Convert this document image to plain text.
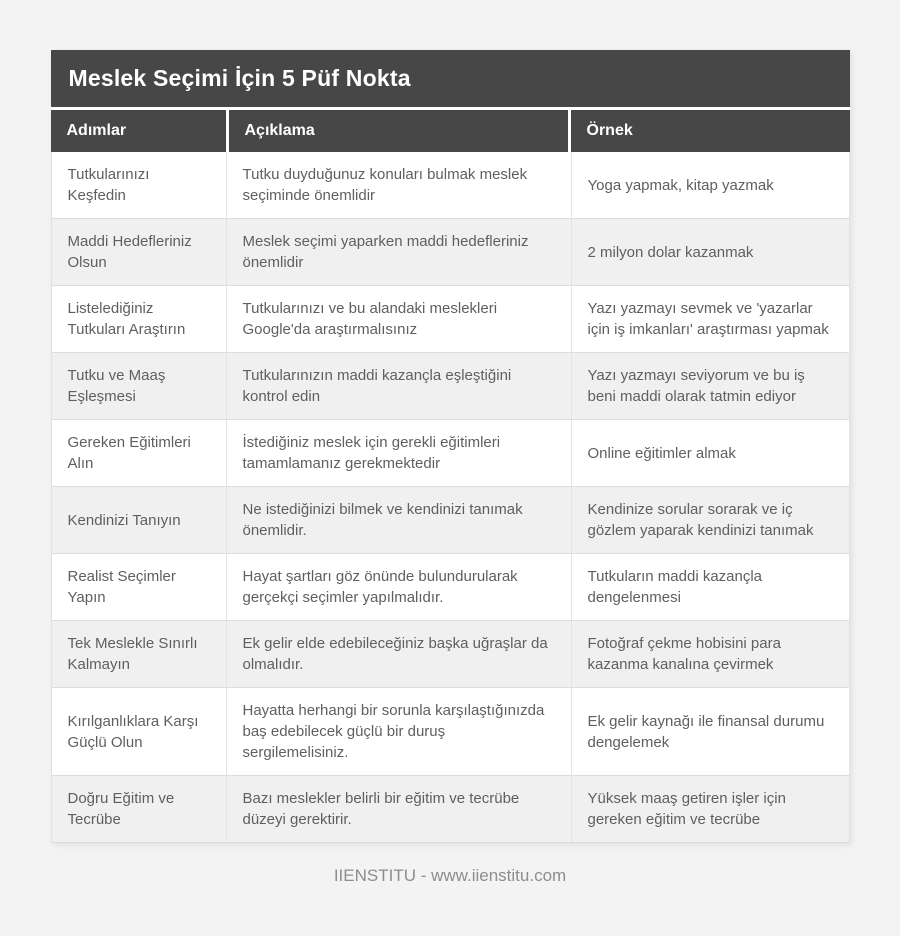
Meslek Seçimi İçin 5 Püf Nokta
Adımlar	Açıklama	Örnek
Tutkularınızı Keşfedin
Tutku duyduğunuz konuları bulmak meslek seçiminde önemlidir
Yoga yapmak, kitap yazmak
Maddi Hedefleriniz Olsun
Meslek seçimi yaparken maddi hedefleriniz önemlidir
2 milyon dolar kazanmak
Listelediğiniz Tutkuları Araştırın
Tutkularınızı ve bu alandaki meslekleri Google'da araştırmalısınız
Yazı yazmayı sevmek ve 'yazarlar için iş imkanları' araştırması yapmak
Tutku ve Maaş Eşleşmesi
Tutkularınızın maddi kazançla eşleştiğini kontrol edin
Yazı yazmayı seviyorum ve bu iş beni maddi olarak tatmin ediyor
Gereken Eğitimleri Alın
İstediğiniz meslek için gerekli eğitimleri tamamlamanız gerekmektedir
Online eğitimler almak
Kendinizi Tanıyın
Ne istediğinizi bilmek ve kendinizi tanımak önemlidir.
Kendinize sorular sorarak ve iç gözlem yaparak kendinizi tanımak
Realist Seçimler Yapın
Hayat şartları göz önünde bulundurularak gerçekçi seçimler yapılmalıdır.
Tutkuların maddi kazançla dengelenmesi
Tek Meslekle Sınırlı Kalmayın
Ek gelir elde edebileceğiniz başka uğraşlar da olmalıdır.
Fotoğraf çekme hobisini para kazanma kanalına çevirmek
Kırılganlıklara Karşı Güçlü Olun
Hayatta herhangi bir sorunla karşılaştığınızda baş edebilecek güçlü bir duruş sergilemelisiniz.
Ek gelir kaynağı ile finansal durumu dengelemek
Doğru Eğitim ve Tecrübe
Bazı meslekler belirli bir eğitim ve tecrübe düzeyi gerektirir.
Yüksek maaş getiren işler için gereken eğitim ve tecrübe
IIENSTITU - www.iienstitu.com
